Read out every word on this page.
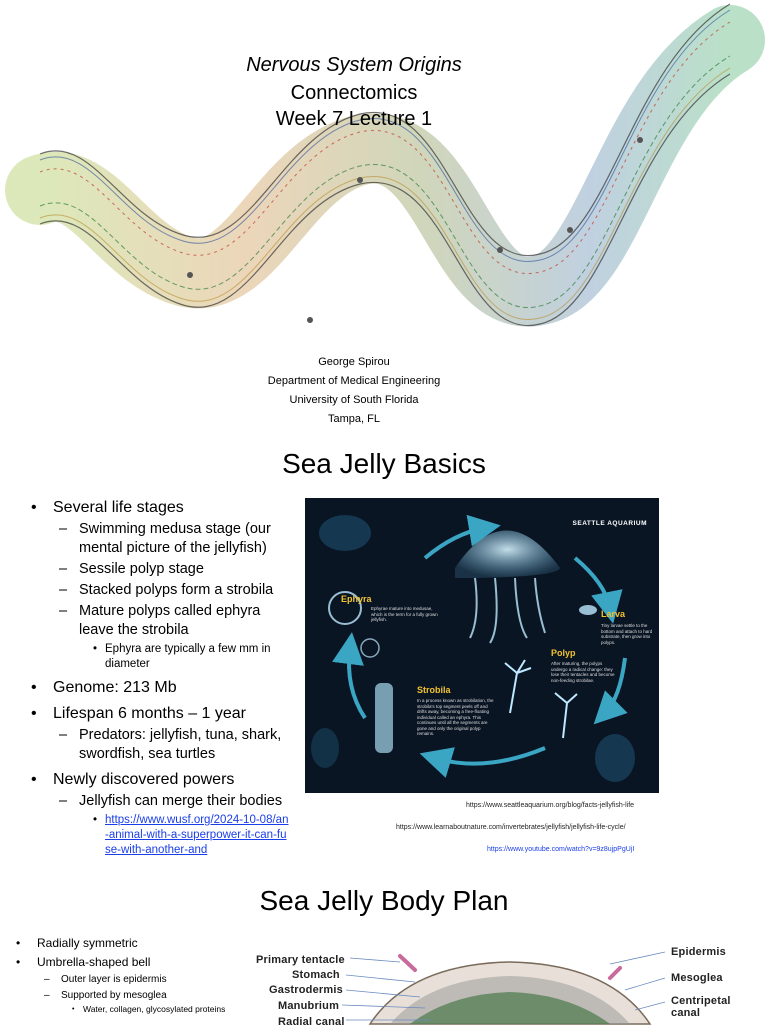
Nervous System Origins
Connectomics
Week 7 Lecture 1
George Spirou
Department of Medical Engineering
University of South Florida
Tampa, FL
Sea Jelly Basics
• Several life stages
– Swimming medusa stage (our mental picture of the jellyfish)
– Sessile polyp stage
– Stacked polyps form a strobila
– Mature polyps called ephyra leave the strobila
• Ephyra are typically a few mm in diameter
• Genome: 213 Mb
• Lifespan 6 months – 1 year
– Predators: jellyfish, tuna, shark, swordfish, sea turtles
• Newly discovered powers
– Jellyfish can merge their bodies
• https://www.wusf.org/2024-10-08/an-animal-with-a-superpower-it-can-fuse-with-another-and
SEATTLE AQUARIUM
Ephyra
Ephyrae mature into medusae, which is the term for a fully grown jellyfish.
Larva
Tiny larvae settle to the bottom and attach to hard substrate, then grow into polyps.
Polyp
After maturing, the polyps undergo a radical change: they lose their tentacles and become non-feeding strobilae.
Strobila
In a process known as strobilation, the strobila's top segment peels off and drifts away, becoming a free-floating individual called an ephyra. This continues until all the segments are gone and only the original polyp remains.
https://www.seattleaquarium.org/blog/facts-jellyfish-life
https://www.learnaboutnature.com/invertebrates/jellyfish/jellyfish-life-cycle/
https://www.youtube.com/watch?v=9z8ujpPgUjI
Sea Jelly Body Plan
• Radially symmetric
• Umbrella-shaped bell
– Outer layer is epidermis
– Supported by mesoglea
• Water, collagen, glycosylated proteins
Primary tentacle
Stomach
Gastrodermis
Manubrium
Radial canal
Epidermis
Mesoglea
Centripetal canal
